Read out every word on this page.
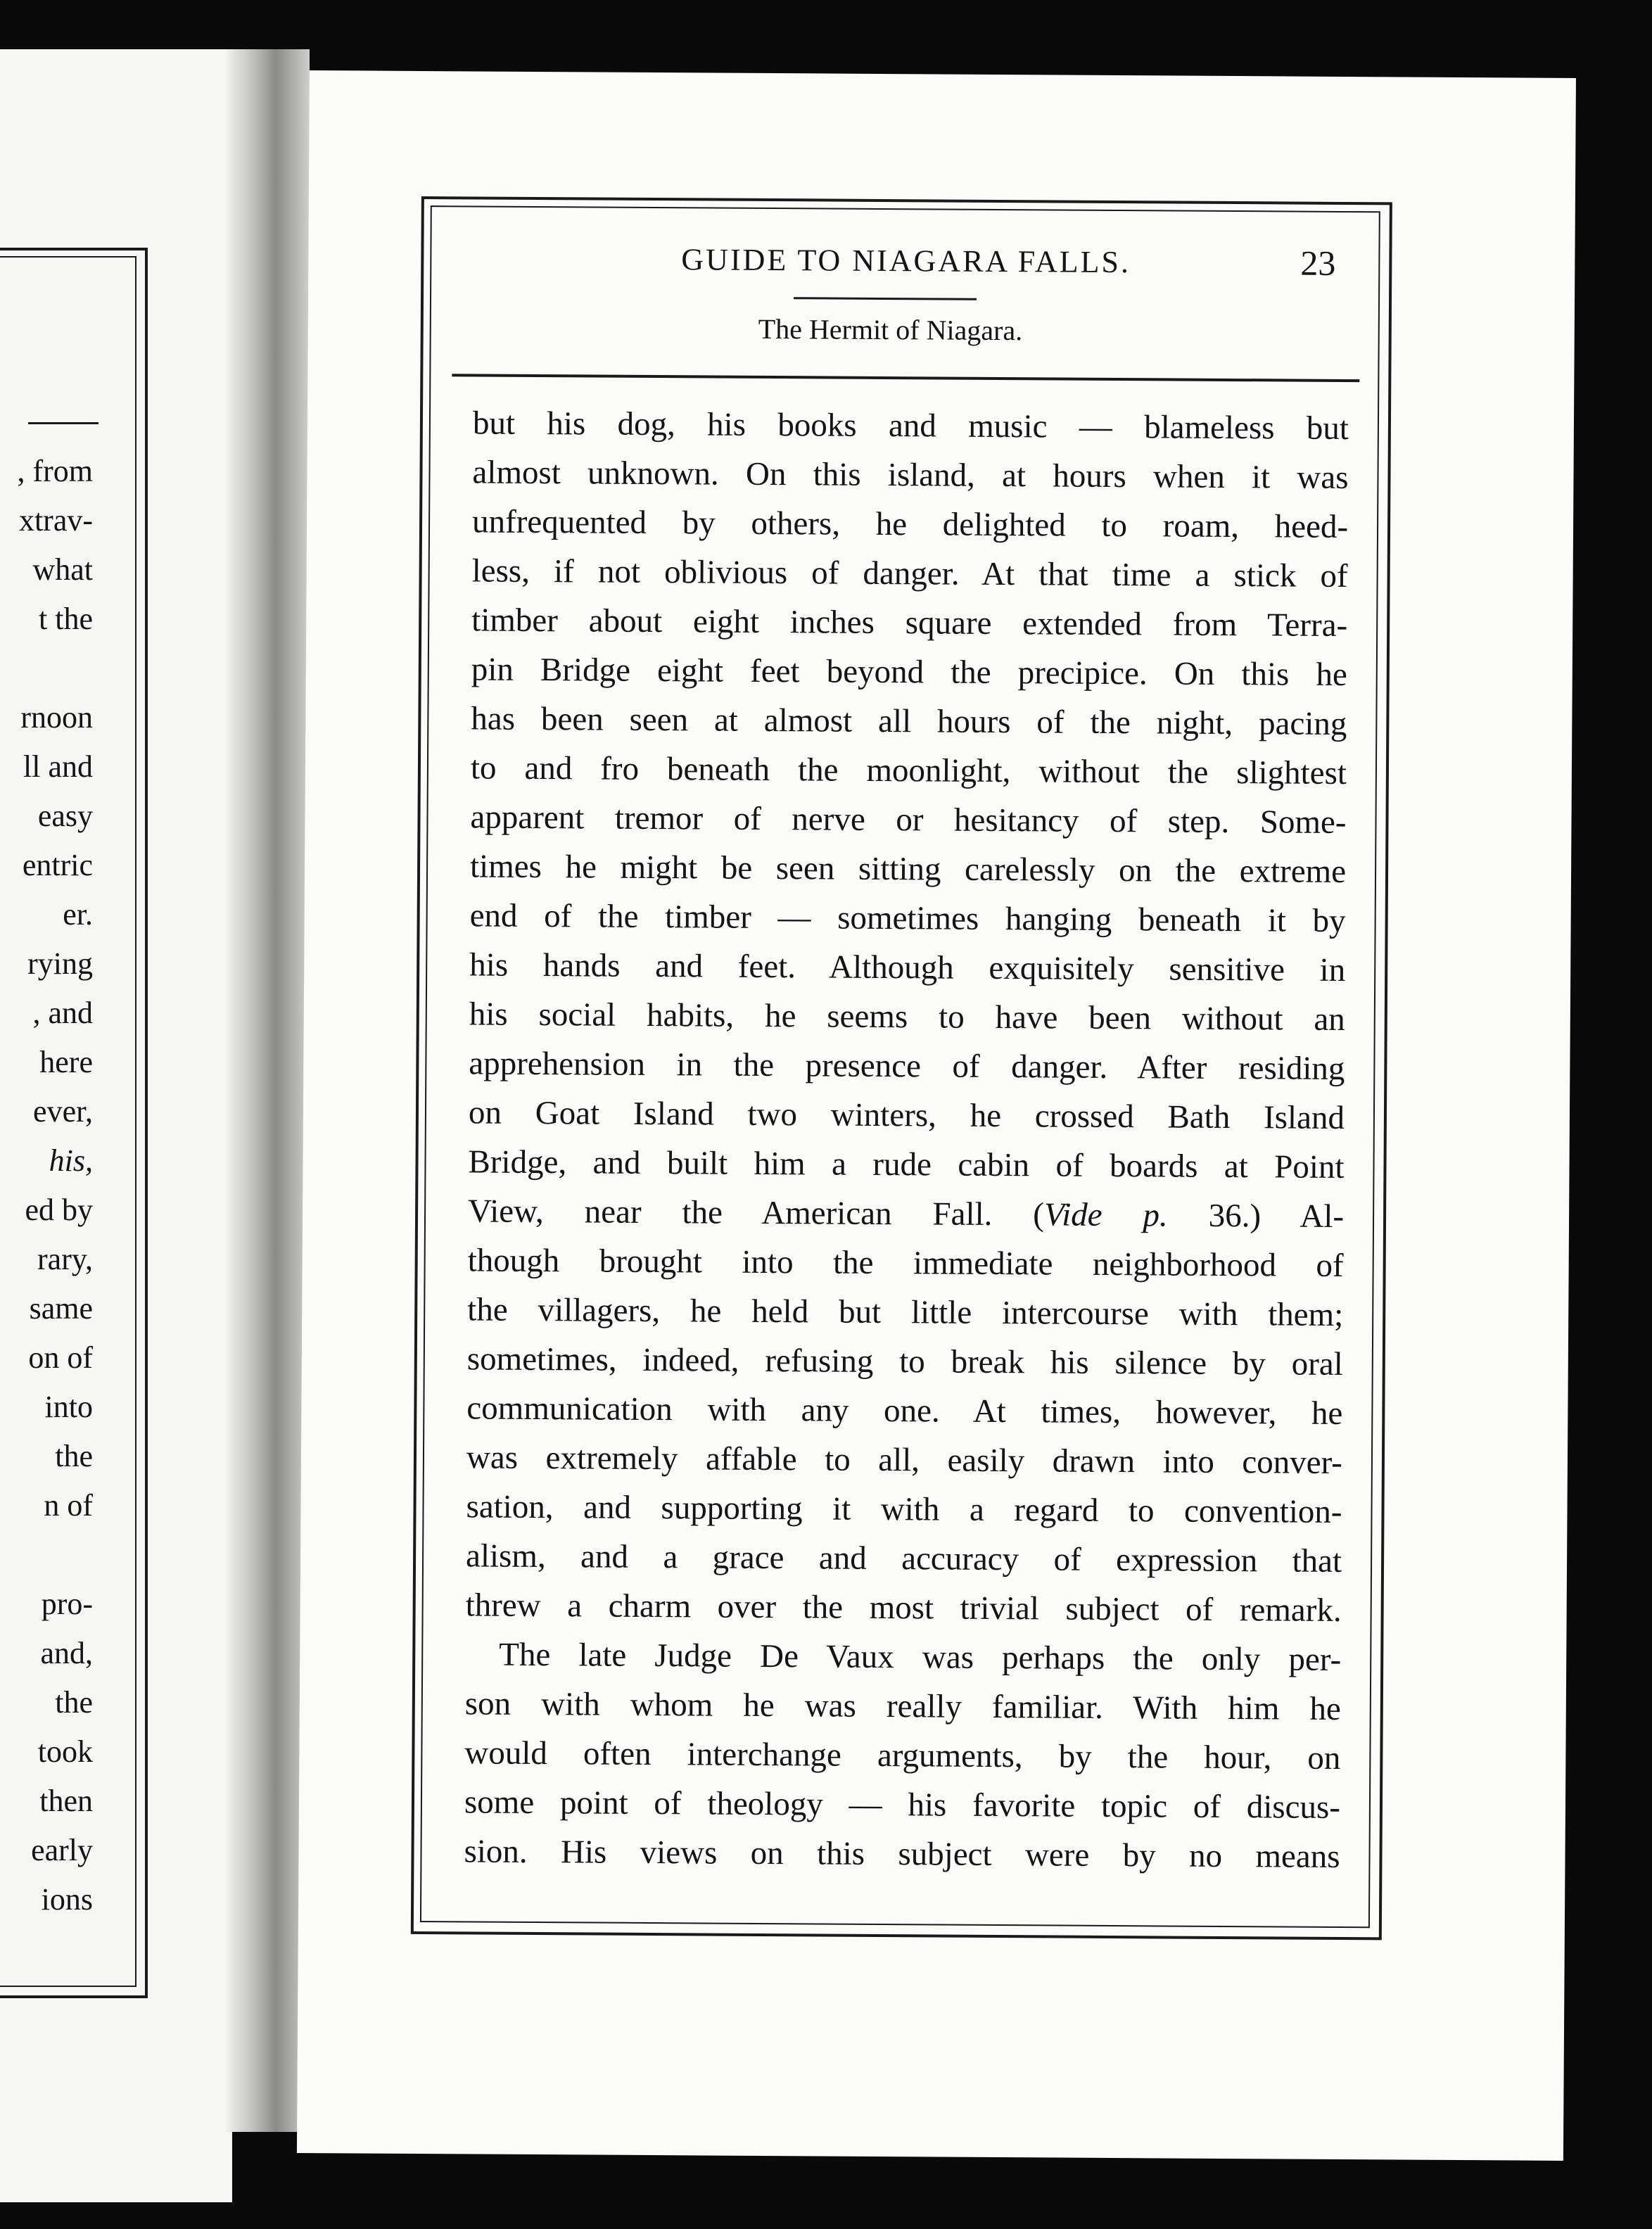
, from
xtrav-
what
t the
rnoon
ll and
easy
entric
er.
rying
, and
here
ever,
his,
ed by
rary,
same
on of
into
the
n of
pro-
and,
the
took
then
early
ions
GUIDE TO NIAGARA FALLS.	23
The Hermit of Niagara.
but his dog, his books and music — blameless but
almost unknown. On this island, at hours when it was
unfrequented by others, he delighted to roam, heed-
less, if not oblivious of danger. At that time a stick of
timber about eight inches square extended from Terra-
pin Bridge eight feet beyond the precipice. On this he
has been seen at almost all hours of the night, pacing
to and fro beneath the moonlight, without the slightest
apparent tremor of nerve or hesitancy of step. Some-
times he might be seen sitting carelessly on the extreme
end of the timber — sometimes hanging beneath it by
his hands and feet. Although exquisitely sensitive in
his social habits, he seems to have been without an
apprehension in the presence of danger. After residing
on Goat Island two winters, he crossed Bath Island
Bridge, and built him a rude cabin of boards at Point
View, near the American Fall. (Vide p. 36.) Al-
though brought into the immediate neighborhood of
the villagers, he held but little intercourse with them;
sometimes, indeed, refusing to break his silence by oral
communication with any one. At times, however, he
was extremely affable to all, easily drawn into conver-
sation, and supporting it with a regard to convention-
alism, and a grace and accuracy of expression that
threw a charm over the most trivial subject of remark.
The late Judge De Vaux was perhaps the only per-
son with whom he was really familiar. With him he
would often interchange arguments, by the hour, on
some point of theology — his favorite topic of discus-
sion. His views on this subject were by no means
